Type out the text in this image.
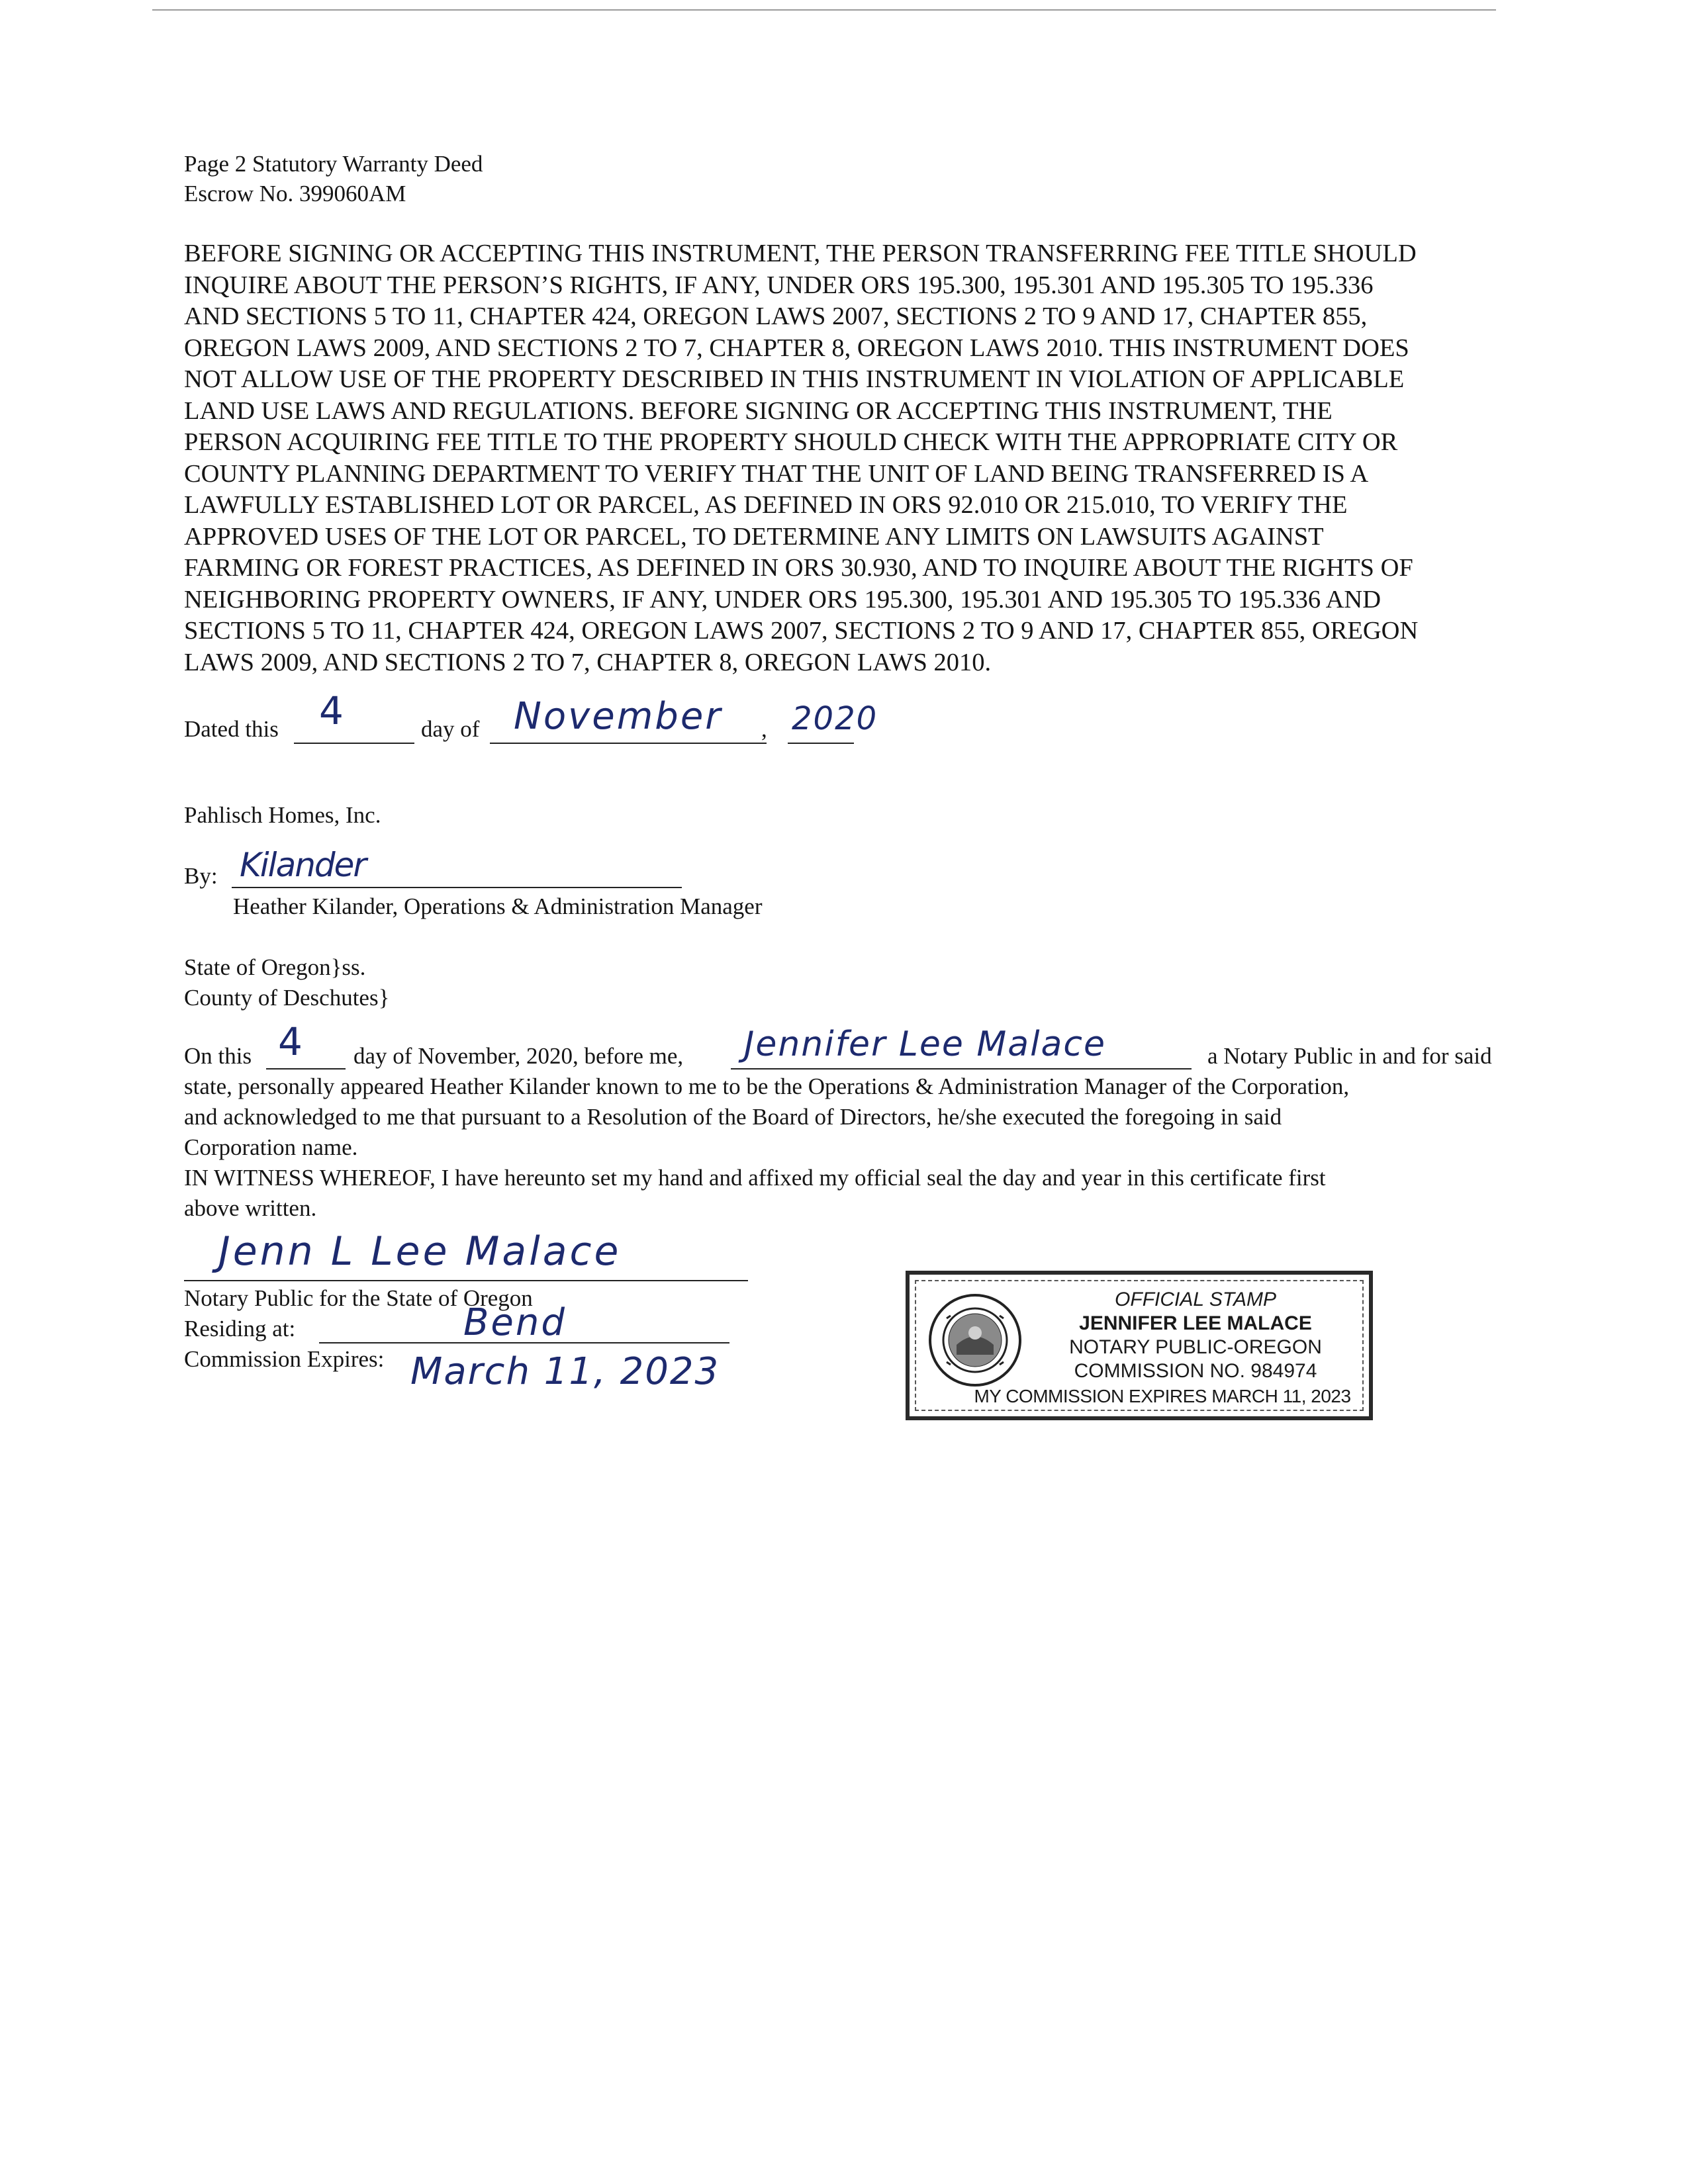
Page 2 Statutory Warranty Deed
Escrow No. 399060AM
BEFORE SIGNING OR ACCEPTING THIS INSTRUMENT, THE PERSON TRANSFERRING FEE TITLE SHOULD
INQUIRE ABOUT THE PERSON’S RIGHTS, IF ANY, UNDER ORS 195.300, 195.301 AND 195.305 TO 195.336
AND SECTIONS 5 TO 11, CHAPTER 424, OREGON LAWS 2007, SECTIONS 2 TO 9 AND 17, CHAPTER 855,
OREGON LAWS 2009, AND SECTIONS 2 TO 7, CHAPTER 8, OREGON LAWS 2010. THIS INSTRUMENT DOES
NOT ALLOW USE OF THE PROPERTY DESCRIBED IN THIS INSTRUMENT IN VIOLATION OF APPLICABLE
LAND USE LAWS AND REGULATIONS. BEFORE SIGNING OR ACCEPTING THIS INSTRUMENT, THE
PERSON ACQUIRING FEE TITLE TO THE PROPERTY SHOULD CHECK WITH THE APPROPRIATE CITY OR
COUNTY PLANNING DEPARTMENT TO VERIFY THAT THE UNIT OF LAND BEING TRANSFERRED IS A
LAWFULLY ESTABLISHED LOT OR PARCEL, AS DEFINED IN ORS 92.010 OR 215.010, TO VERIFY THE
APPROVED USES OF THE LOT OR PARCEL, TO DETERMINE ANY LIMITS ON LAWSUITS AGAINST
FARMING OR FOREST PRACTICES, AS DEFINED IN ORS 30.930, AND TO INQUIRE ABOUT THE RIGHTS OF
NEIGHBORING PROPERTY OWNERS, IF ANY, UNDER ORS 195.300, 195.301 AND 195.305 TO 195.336 AND
SECTIONS 5 TO 11, CHAPTER 424, OREGON LAWS 2007, SECTIONS 2 TO 9 AND 17, CHAPTER 855, OREGON
LAWS 2009, AND SECTIONS 2 TO 7, CHAPTER 8, OREGON LAWS 2010.
Dated this 4	day of November , 2020
Pahlisch Homes, Inc.
By: Kilander
Heather Kilander, Operations & Administration Manager
State of Oregon}ss.
County of Deschutes}
On this 4 day of November, 2020, before me, Jennifer Lee Malace	a Notary Public in and for said
state, personally appeared Heather Kilander known to me to be the Operations & Administration Manager of the Corporation,
and acknowledged to me that pursuant to a Resolution of the Board of Directors, he/she executed the foregoing in said
Corporation name.
IN WITNESS WHEREOF, I have hereunto set my hand and affixed my official seal the day and year in this certificate first
above written.
Jenn L Lee Malace
Notary Public for the State of Oregon
Residing at:	Bend
Commission Expires: March 11, 2023
OFFICIAL STAMP
JENNIFER LEE MALACE
NOTARY PUBLIC-OREGON
COMMISSION NO. 984974
MY COMMISSION EXPIRES MARCH 11, 2023
